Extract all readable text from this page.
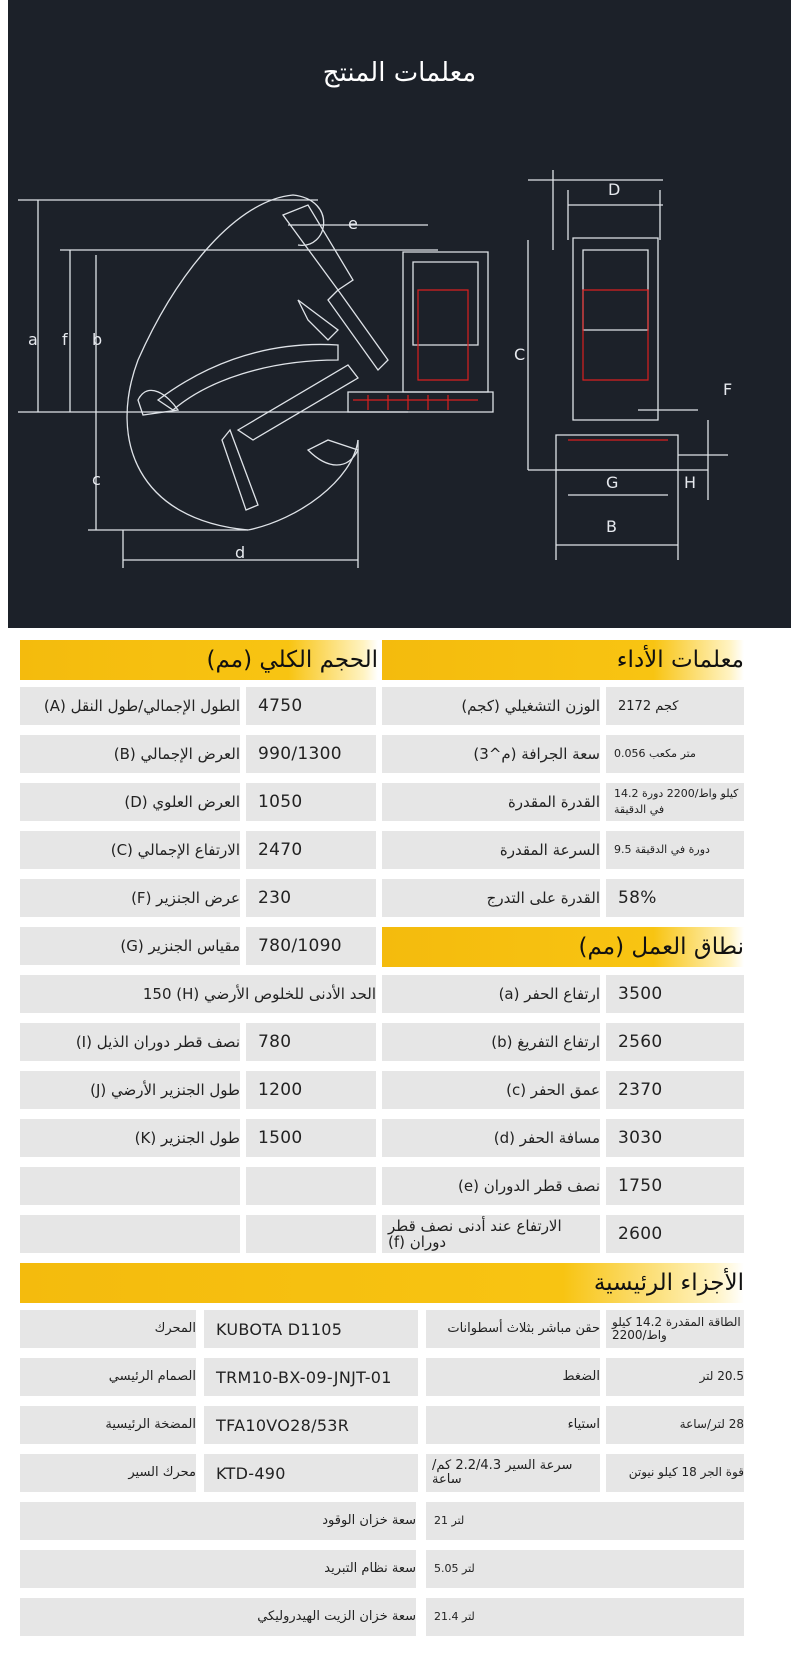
معلمات المنتج
a f b
c
d
e
D
C
F
G	H
B
الحجم الكلي (مم)	معلمات الأداء
الطول الإجمالي/طول النقل (A)	4750
العرض الإجمالي (B)	990/1300
العرض العلوي (D)	1050
الارتفاع الإجمالي (C)	2470
عرض الجنزير (F)	230
مقياس الجنزير (G)	780/1090
الحد الأدنى للخلوص الأرضي (H) 150
نصف قطر دوران الذيل (I)	780
طول الجنزير الأرضي (J)	1200
طول الجنزير (K)	1500
الوزن التشغيلي (كجم)	2172 كجم
سعة الجرافة (م^3)	0.056 متر مكعب
القدرة المقدرة	14.2 كيلو واط/2200 دورة في الدقيقة
السرعة المقدرة	9.5 دورة في الدقيقة
القدرة على التدرج	58%
نطاق العمل (مم)
ارتفاع الحفر (a)	3500
ارتفاع التفريغ (b)	2560
عمق الحفر (c)	2370
مسافة الحفر (d)	3030
نصف قطر الدوران (e)	1750
الارتفاع عند أدنى نصف قطر دوران (f)	2600
الأجزاء الرئيسية
المحرك	KUBOTA D1105	حقن مباشر بثلاث أسطوانات	الطاقة المقدرة 14.2 كيلو واط/2200
الصمام الرئيسي	TRM10-BX-09-JNJT-01	الضغط	20.5 لتر
المضخة الرئيسية	TFA10VO28/53R	استياء	28 لتر/ساعة
محرك السير	KTD-490	سرعة السير 2.2/4.3 كم/ساعة	قوة الجر 18 كيلو نيوتن
سعة خزان الوقود	21 لتر
سعة نظام التبريد	5.05 لتر
سعة خزان الزيت الهيدروليكي	21.4 لتر
